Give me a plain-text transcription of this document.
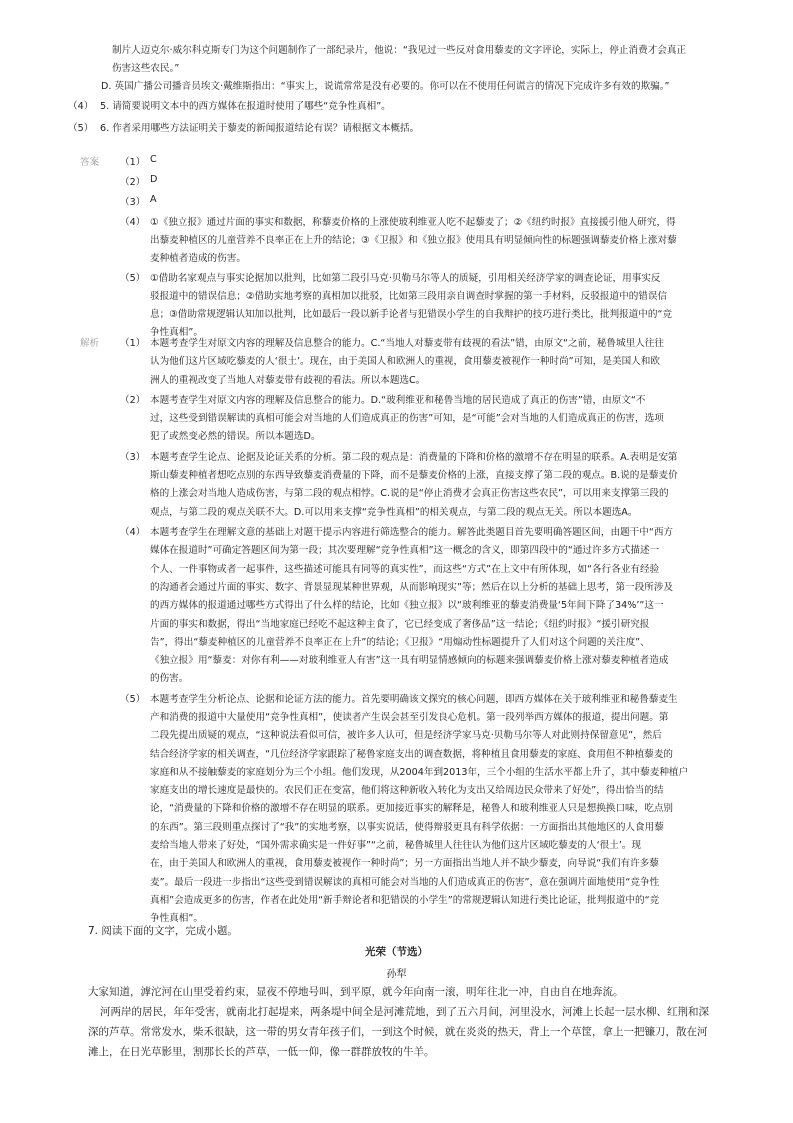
制片人迈克尔·威尔科克斯专门为这个问题制作了一部纪录片，他说：“我见过一些反对食用藜麦的文字评论，实际上，停止消费才会真正
伤害这些农民。”
D. 英国广播公司播音员埃文·戴维斯指出：“事实上，说谎常常是没有必要的。你可以在不使用任何谎言的情况下完成许多有效的欺骗。”
（4） 5. 请简要说明文本中的西方媒体在报道时使用了哪些“竞争性真相”。
（5） 6. 作者采用哪些方法证明关于藜麦的新闻报道结论有误？请根据文本概括。
答案 （1） C
（2） D
（3） A
（4） ①《独立报》通过片面的事实和数据，称藜麦价格的上涨使玻利维亚人吃不起藜麦了；②《纽约时报》直接援引他人研究，得
出藜麦种植区的儿童营养不良率正在上升的结论；③《卫报》和《独立报》使用具有明显倾向性的标题强调藜麦价格上涨对藜
麦种植者造成的伤害。
（5） ①借助名家观点与事实论据加以批判，比如第二段引马克·贝勒马尔等人的质疑，引用相关经济学家的调查论证，用事实反
驳报道中的错误信息；②借助实地考察的真相加以批驳，比如第三段用亲自调查时掌握的第一手材料，反驳报道中的错误信
息；③借助常规逻辑认知加以批判，比如最后一段以新手论者与犯错误小学生的自我辩护的技巧进行类比，批判报道中的“竞
争性真相”。
解析 （1） 本题考查学生对原文内容的理解及信息整合的能力。C.“当地人对藜麦带有歧视的看法”错，由原文“之前，秘鲁城里人往往
认为他们这片区域吃藜麦的人‘很土’。现在，由于美国人和欧洲人的重视，食用藜麦被视作一种时尚”可知，是美国人和欧
洲人的重视改变了当地人对藜麦带有歧视的看法。所以本题选C。
（2） 本题考查学生对原文内容的理解及信息整合的能力。D.“玻利维亚和秘鲁当地的居民造成了真正的伤害”错，由原文“不
过，这些受到错误解读的真相可能会对当地的人们造成真正的伤害”可知，是“可能”会对当地的人们造成真正的伤害，选项
犯了或然变必然的错误。所以本题选D。
（3） 本题考查学生论点、论据及论证关系的分析。第二段的观点是：消费量的下降和价格的激增不存在明显的联系。A.表明是安第
斯山藜麦种植者想吃点别的东西导致藜麦消费量的下降，而不是藜麦价格的上涨，直接支撑了第二段的观点。B.说的是藜麦价
格的上涨会对当地人造成伤害，与第二段的观点相悖。C.说的是“停止消费才会真正伤害这些农民”，可以用来支撑第三段的
观点，与第二段的观点关联不大。D.可以用来支撑“竞争性真相”的相关观点，与第二段的观点无关。所以本题选A。
（4） 本题考查学生在理解文意的基础上对题干提示内容进行筛选整合的能力。解答此类题目首先要明确答题区间，由题干中“西方
媒体在报道时”可确定答题区间为第一段；其次要理解“竞争性真相”这一概念的含义，即第四段中的“通过许多方式描述一
个人、一件事物或者一起事件，这些描述可能具有同等的真实性”，而这些“方式”在上文中有所体现，如“各行各业有经验
的沟通者会通过片面的事实、数字、背景显现某种世界观，从而影响现实”等；然后在以上分析的基础上思考，第一段所涉及
的西方媒体的报道通过哪些方式得出了什么样的结论，比如《独立报》以“玻利维亚的藜麦消费量‘5年间下降了34%’”这一
片面的事实和数据，得出“当地家庭已经吃不起这种主食了，它已经变成了奢侈品”这一结论；《纽约时报》“援引研究报
告”，得出“藜麦种植区的儿童营养不良率正在上升”的结论；《卫报》“用煽动性标题提升了人们对这个问题的关注度”、
《独立报》用“藜麦：对你有利——对玻利维亚人有害”这一具有明显情感倾向的标题来强调藜麦价格上涨对藜麦种植者造成
的伤害。
（5） 本题考查学生分析论点、论据和论证方法的能力。首先要明确该文探究的核心问题，即西方媒体在关于玻利维亚和秘鲁藜麦生
产和消费的报道中大量使用“竞争性真相”，使读者产生误会甚至引发良心危机。第一段列举西方媒体的报道，提出问题。第
二段先提出质疑的观点，“这种说法看似可信，被许多人认可，但是经济学家马克·贝勒马尔等人对此则持保留意见”，然后
结合经济学家的相关调查，“几位经济学家跟踪了秘鲁家庭支出的调查数据，将种植且食用藜麦的家庭、食用但不种植藜麦的
家庭和从不接触藜麦的家庭划分为三个小组。他们发现，从2004年到2013年，三个小组的生活水平都上升了，其中藜麦种植户
家庭支出的增长速度是最快的。农民们正在变富，他们将这种新收入转化为支出又给周边民众带来了好处”，得出恰当的结
论，“消费量的下降和价格的激增不存在明显的联系。更加接近事实的解释是，秘鲁人和玻利维亚人只是想换换口味，吃点别
的东西”。第三段则重点探讨了“我”的实地考察，以事实说话，使得辩驳更具有科学依据：一方面指出其他地区的人食用藜
麦给当地人带来了好处，“国外需求确实是一件好事”“之前，秘鲁城里人往往认为他们这片区域吃藜麦的人‘很土’。现
在，由于美国人和欧洲人的重视，食用藜麦被视作一种时尚”；另一方面指出当地人并不缺少藜麦，向导说“我们有许多藜
麦”。最后一段进一步指出“这些受到错误解读的真相可能会对当地的人们造成真正的伤害”，意在强调片面地使用“竞争性
真相”会造成更多的伤害，作者在此处用“新手辩论者和犯错误的小学生”的常规逻辑认知进行类比论证，批判报道中的“竞
争性真相”。
7. 阅读下面的文字，完成小题。
光荣（节选）
孙犁
大家知道，滹沱河在山里受着约束，显夜不停地号叫，到平原，就今年向南一滚，明年往北一冲，自由自在地奔流。
河两岸的居民，年年受害，就南北打起堤来，两条堤中间全是河滩荒地，到了五六月间，河里没水，河滩上长起一层水柳、红荆和深深的芦草。常常发水，柴禾很缺，这一带的男女青年孩子们，一到这个时候，就在炎炎的热天，背上一个草筐，拿上一把镰刀，散在河滩上，在日光草影里，割那长长的芦草，一低一仰，像一群群放牧的牛羊。
